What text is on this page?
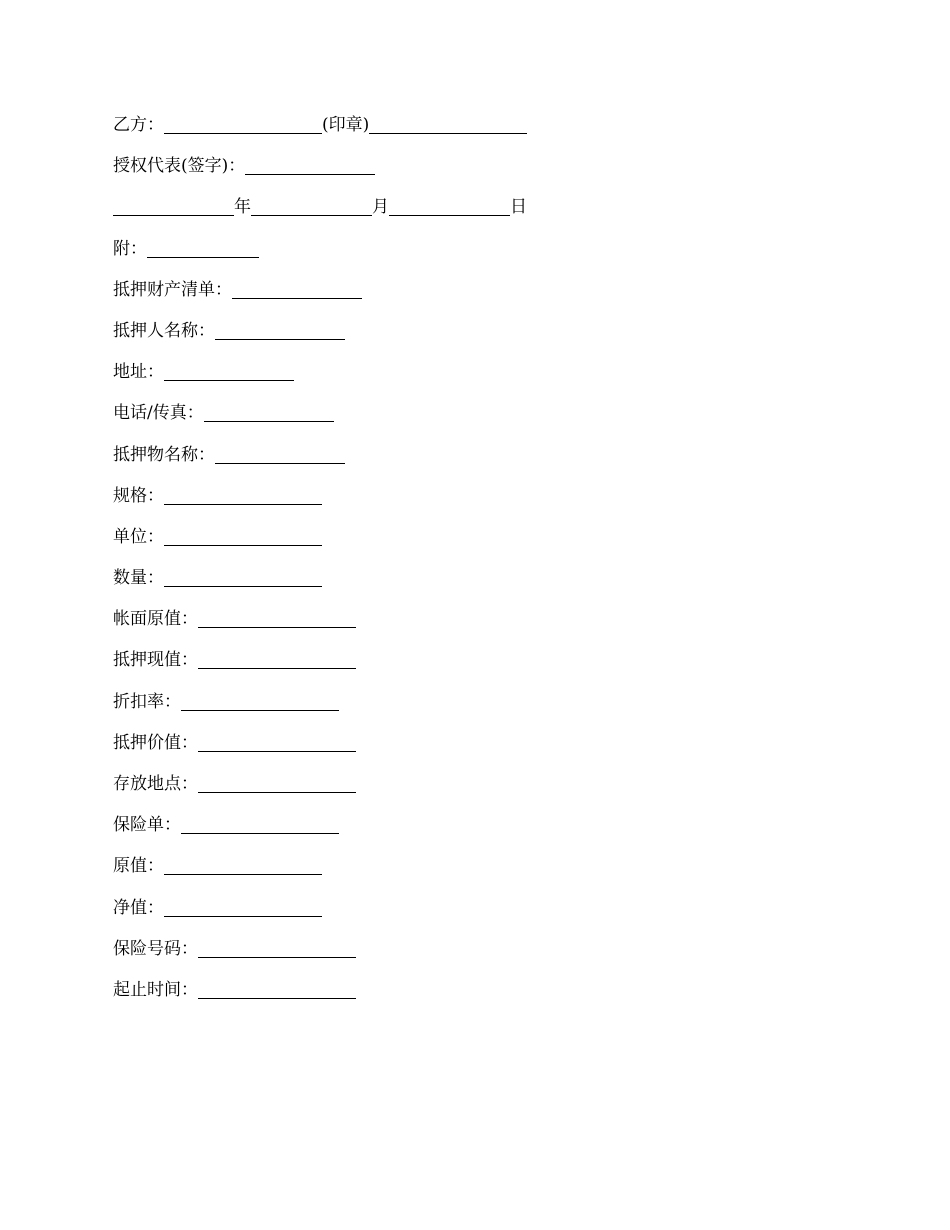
乙方：	(印章)
授权代表(签字)：
年	月	日
附：
抵押财产清单：
抵押人名称：
地址：
电话/传真：
抵押物名称：
规格：
单位：
数量：
帐面原值：
抵押现值：
折扣率：
抵押价值：
存放地点：
保险单：
原值：
净值：
保险号码：
起止时间：
